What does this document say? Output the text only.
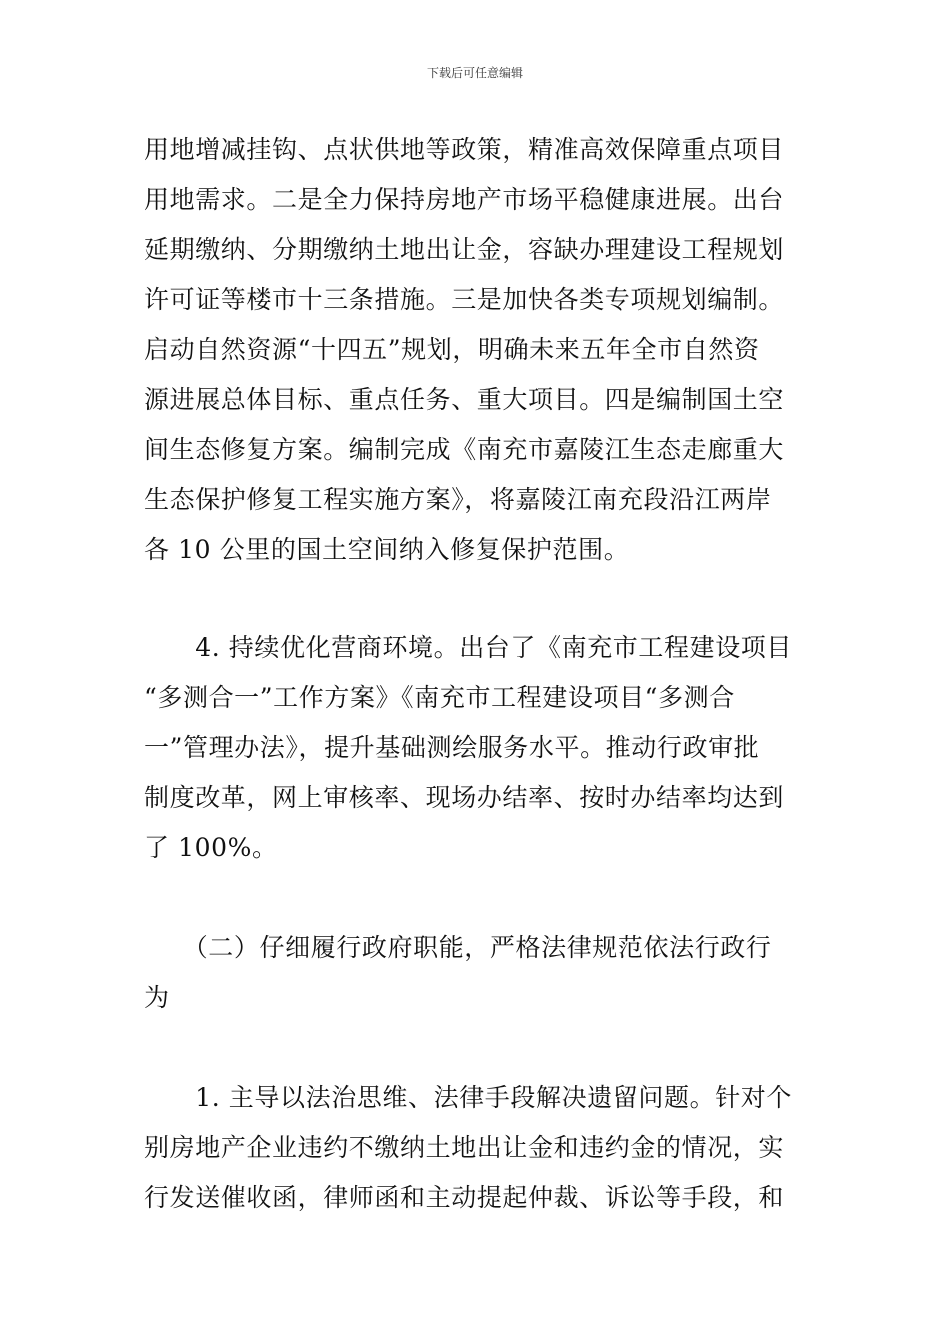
下载后可任意编辑
用地增减挂钩、点状供地等政策，精准高效保障重点项目
用地需求。二是全力保持房地产市场平稳健康进展。出台
延期缴纳、分期缴纳土地出让金，容缺办理建设工程规划
许可证等楼市十三条措施。三是加快各类专项规划编制。
启动自然资源“十四五”规划，明确未来五年全市自然资
源进展总体目标、重点任务、重大项目。四是编制国土空
间生态修复方案。编制完成《南充市嘉陵江生态走廊重大
生态保护修复工程实施方案》，将嘉陵江南充段沿江两岸
各 10 公里的国土空间纳入修复保护范围。
　　4. 持续优化营商环境。出台了《南充市工程建设项目
“多测合一”工作方案》《南充市工程建设项目“多测合
一”管理办法》，提升基础测绘服务水平。推动行政审批
制度改革，网上审核率、现场办结率、按时办结率均达到
了 100%。
　　（二）仔细履行政府职能，严格法律规范依法行政行
为
　　1. 主导以法治思维、法律手段解决遗留问题。针对个
别房地产企业违约不缴纳土地出让金和违约金的情况，实
行发送催收函，律师函和主动提起仲裁、诉讼等手段，和
